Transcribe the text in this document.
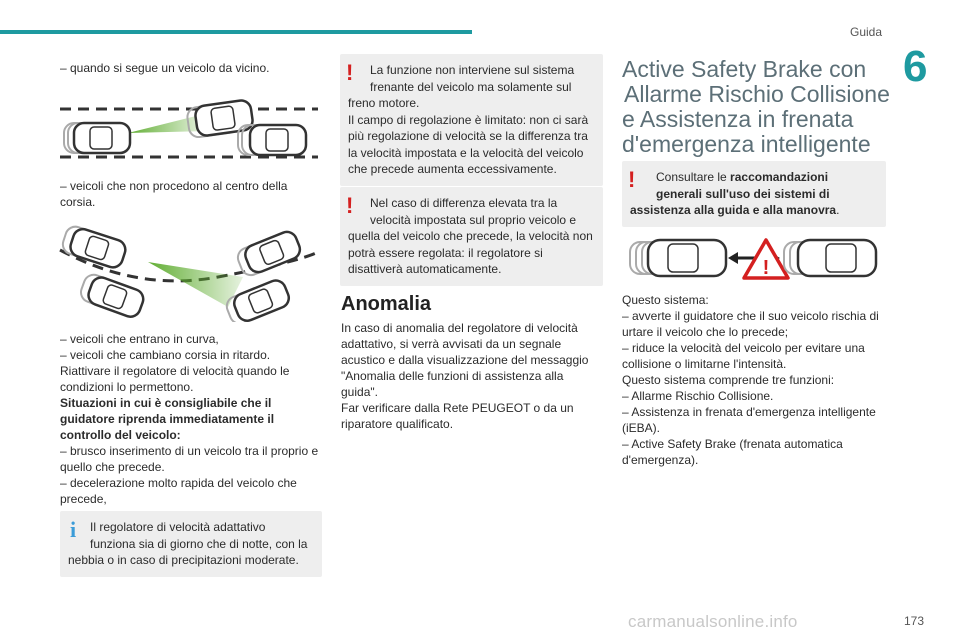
Guida
6

– quando si segue un veicolo da vicino.

– veicoli che non procedono al centro della

corsia.

– veicoli che entrano in curva,

– veicoli che cambiano corsia in ritardo.

Riattivare il regolatore di velocità quando le

condizioni lo permettono.

Situazioni in cui è consigliabile che il

guidatore riprenda immediatamente il

controllo del veicolo:

– brusco inserimento di un veicolo tra il proprio e

quello che precede.

– decelerazione molto rapida del veicolo che

precede,

i	Il regolatore di velocità adattativo

funziona sia di giorno che di notte, con la

nebbia o in caso di precipitazioni moderate.

!	La funzione non interviene sul sistema

frenante del veicolo ma solamente sul

freno motore.

Il campo di regolazione è limitato: non ci sarà

più regolazione di velocità se la differenza tra

la velocità impostata e la velocità del veicolo

che precede aumenta eccessivamente.

!	Nel caso di differenza elevata tra la

velocità impostata sul proprio veicolo e

quella del veicolo che precede, la velocità non

potrà essere regolata: il regolatore si

disattiverà automaticamente.

Anomalia

In caso di anomalia del regolatore di velocità

adattativo, si verrà avvisati da un segnale

acustico e dalla visualizzazione del messaggio

"Anomalia delle funzioni di assistenza alla

guida".

Far verificare dalla Rete PEUGEOT o da un

riparatore qualificato.

Active Safety Brake con

Allarme Rischio Collisione

e Assistenza in frenata

d'emergenza intelligente

!	Consultare le raccomandazioni

generali sull'uso dei sistemi di

assistenza alla guida e alla manovra.

!

Questo sistema:

– avverte il guidatore che il suo veicolo rischia di

urtare il veicolo che lo precede;

– riduce la velocità del veicolo per evitare una

collisione o limitarne l'intensità.

Questo sistema comprende tre funzioni:

– Allarme Rischio Collisione.

– Assistenza in frenata d'emergenza intelligente

(iEBA).

– Active Safety Brake (frenata automatica

d'emergenza).

carmanualsonline.info	173
